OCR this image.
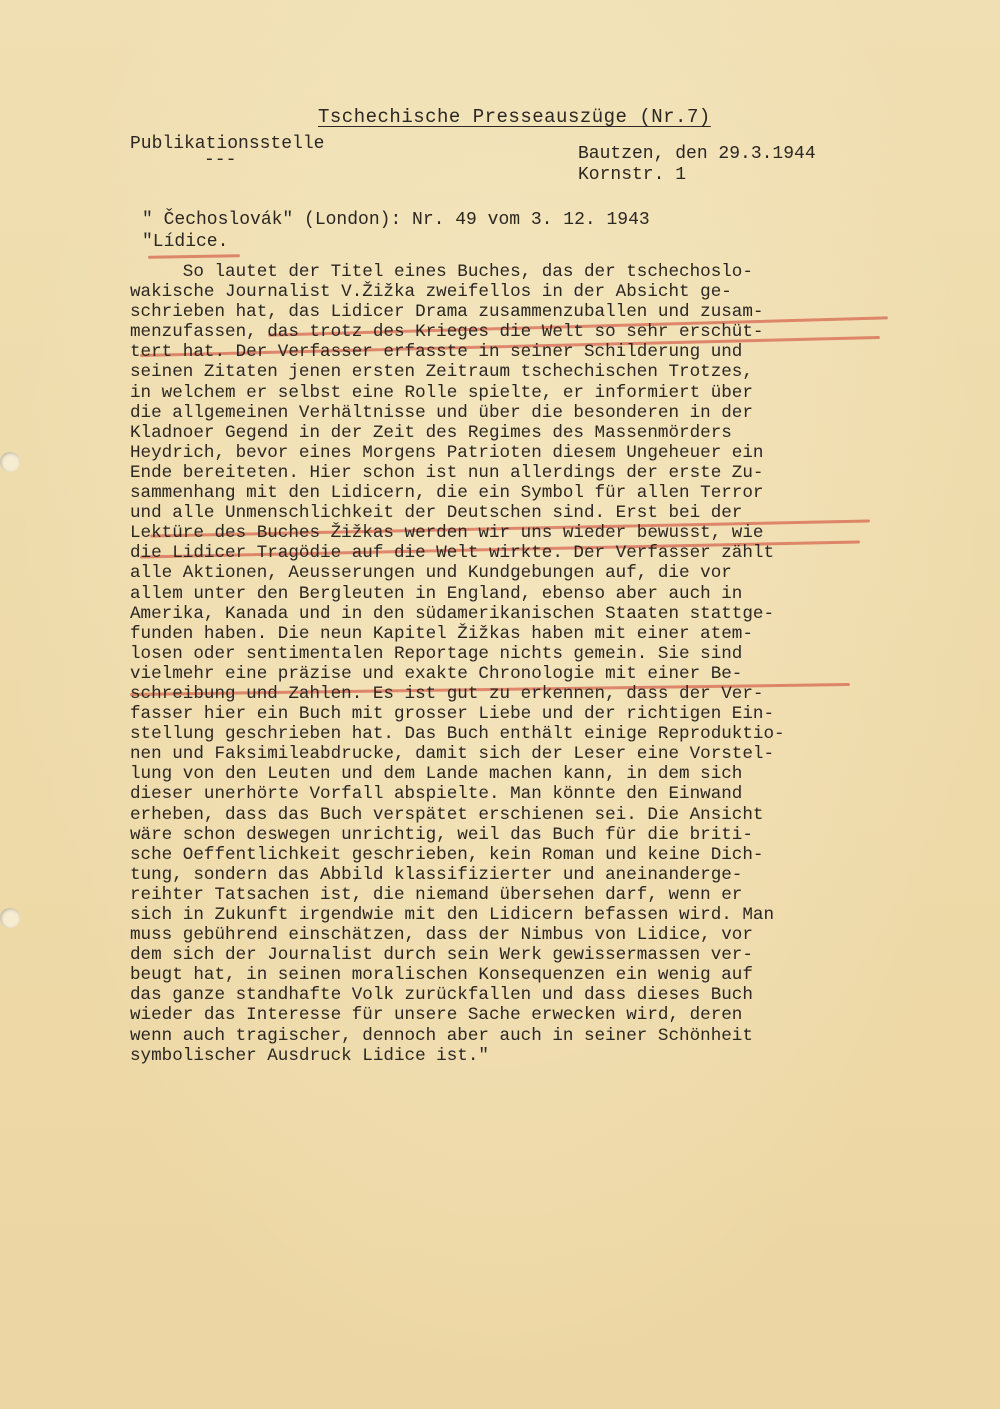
Tschechische Presseauszüge (Nr.7)
Publikationsstelle
---	Bautzen, den 29.3.1944
Kornstr. 1
" Čechoslovák" (London): Nr. 49 vom 3. 12. 1943
"Lídice.
So lautet der Titel eines Buches, das der tschechoslo-
wakische Journalist V.Žižka zweifellos in der Absicht ge-
schrieben hat, das Lidicer Drama zusammenzuballen und zusam-
menzufassen, das trotz des Krieges die Welt so sehr erschüt-
tert hat. Der Verfasser erfasste in seiner Schilderung und
seinen Zitaten jenen ersten Zeitraum tschechischen Trotzes,
in welchem er selbst eine Rolle spielte, er informiert über
die allgemeinen Verhältnisse und über die besonderen in der
Kladnoer Gegend in der Zeit des Regimes des Massenmörders
Heydrich, bevor eines Morgens Patrioten diesem Ungeheuer ein
Ende bereiteten. Hier schon ist nun allerdings der erste Zu-
sammenhang mit den Lidicern, die ein Symbol für allen Terror
und alle Unmenschlichkeit der Deutschen sind. Erst bei der
Lektüre des Buches Žižkas werden wir uns wieder bewusst, wie
die Lidicer Tragödie auf die Welt wirkte. Der Verfasser zählt
alle Aktionen, Aeusserungen und Kundgebungen auf, die vor
allem unter den Bergleuten in England, ebenso aber auch in
Amerika, Kanada und in den südamerikanischen Staaten stattge-
funden haben. Die neun Kapitel Žižkas haben mit einer atem-
losen oder sentimentalen Reportage nichts gemein. Sie sind
vielmehr eine präzise und exakte Chronologie mit einer Be-
schreibung und Zahlen. Es ist gut zu erkennen, dass der Ver-
fasser hier ein Buch mit grosser Liebe und der richtigen Ein-
stellung geschrieben hat. Das Buch enthält einige Reproduktio-
nen und Faksimileabdrucke, damit sich der Leser eine Vorstel-
lung von den Leuten und dem Lande machen kann, in dem sich
dieser unerhörte Vorfall abspielte. Man könnte den Einwand
erheben, dass das Buch verspätet erschienen sei. Die Ansicht
wäre schon deswegen unrichtig, weil das Buch für die briti-
sche Oeffentlichkeit geschrieben, kein Roman und keine Dich-
tung, sondern das Abbild klassifizierter und aneinanderge-
reihter Tatsachen ist, die niemand übersehen darf, wenn er
sich in Zukunft irgendwie mit den Lidicern befassen wird. Man
muss gebührend einschätzen, dass der Nimbus von Lidice, vor
dem sich der Journalist durch sein Werk gewissermassen ver-
beugt hat, in seinen moralischen Konsequenzen ein wenig auf
das ganze standhafte Volk zurückfallen und dass dieses Buch
wieder das Interesse für unsere Sache erwecken wird, deren
wenn auch tragischer, dennoch aber auch in seiner Schönheit
symbolischer Ausdruck Lidice ist."
